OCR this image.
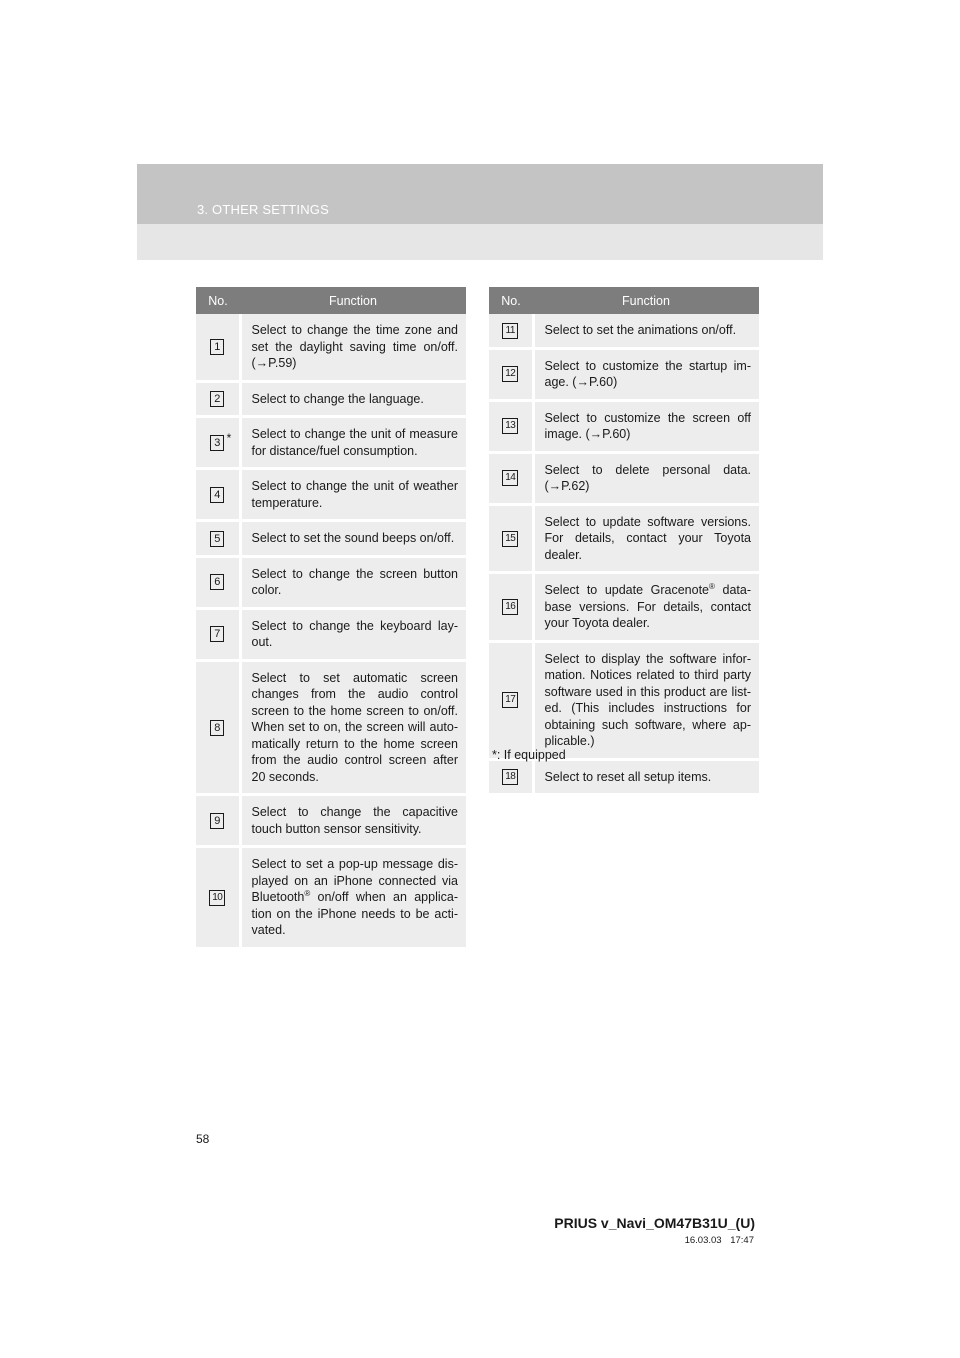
3. OTHER SETTINGS
No.	Function
1	Select to change the time zone and set the daylight saving time on/off. (→P.59)
2	Select to change the language.
3 *	Select to change the unit of measure for distance/fuel consumption.
4	Select to change the unit of weather temperature.
5	Select to set the sound beeps on/off.
6	Select to change the screen button color.
7	Select to change the keyboard lay-out.
8	Select to set automatic screen changes from the audio control screen to the home screen to on/off. When set to on, the screen will auto-matically return to the home screen from the audio control screen after 20 seconds.
9	Select to change the capacitive touch button sensor sensitivity.
10	Select to set a pop-up message dis-played on an iPhone connected via Bluetooth® on/off when an applica-tion on the iPhone needs to be acti-vated.
No.	Function
11	Select to set the animations on/off.
12	Select to customize the startup im-age. (→P.60)
13	Select to customize the screen off image. (→P.60)
14	Select to delete personal data. (→P.62)
15	Select to update software versions. For details, contact your Toyota dealer.
16	Select to update Gracenote® data-base versions. For details, contact your Toyota dealer.
17	Select to display the software infor-mation. Notices related to third party software used in this product are list-ed. (This includes instructions for obtaining such software, where ap-plicable.)
18	Select to reset all setup items.
*: If equipped
58
PRIUS v_Navi_OM47B31U_(U)
16.03.03 17:47
